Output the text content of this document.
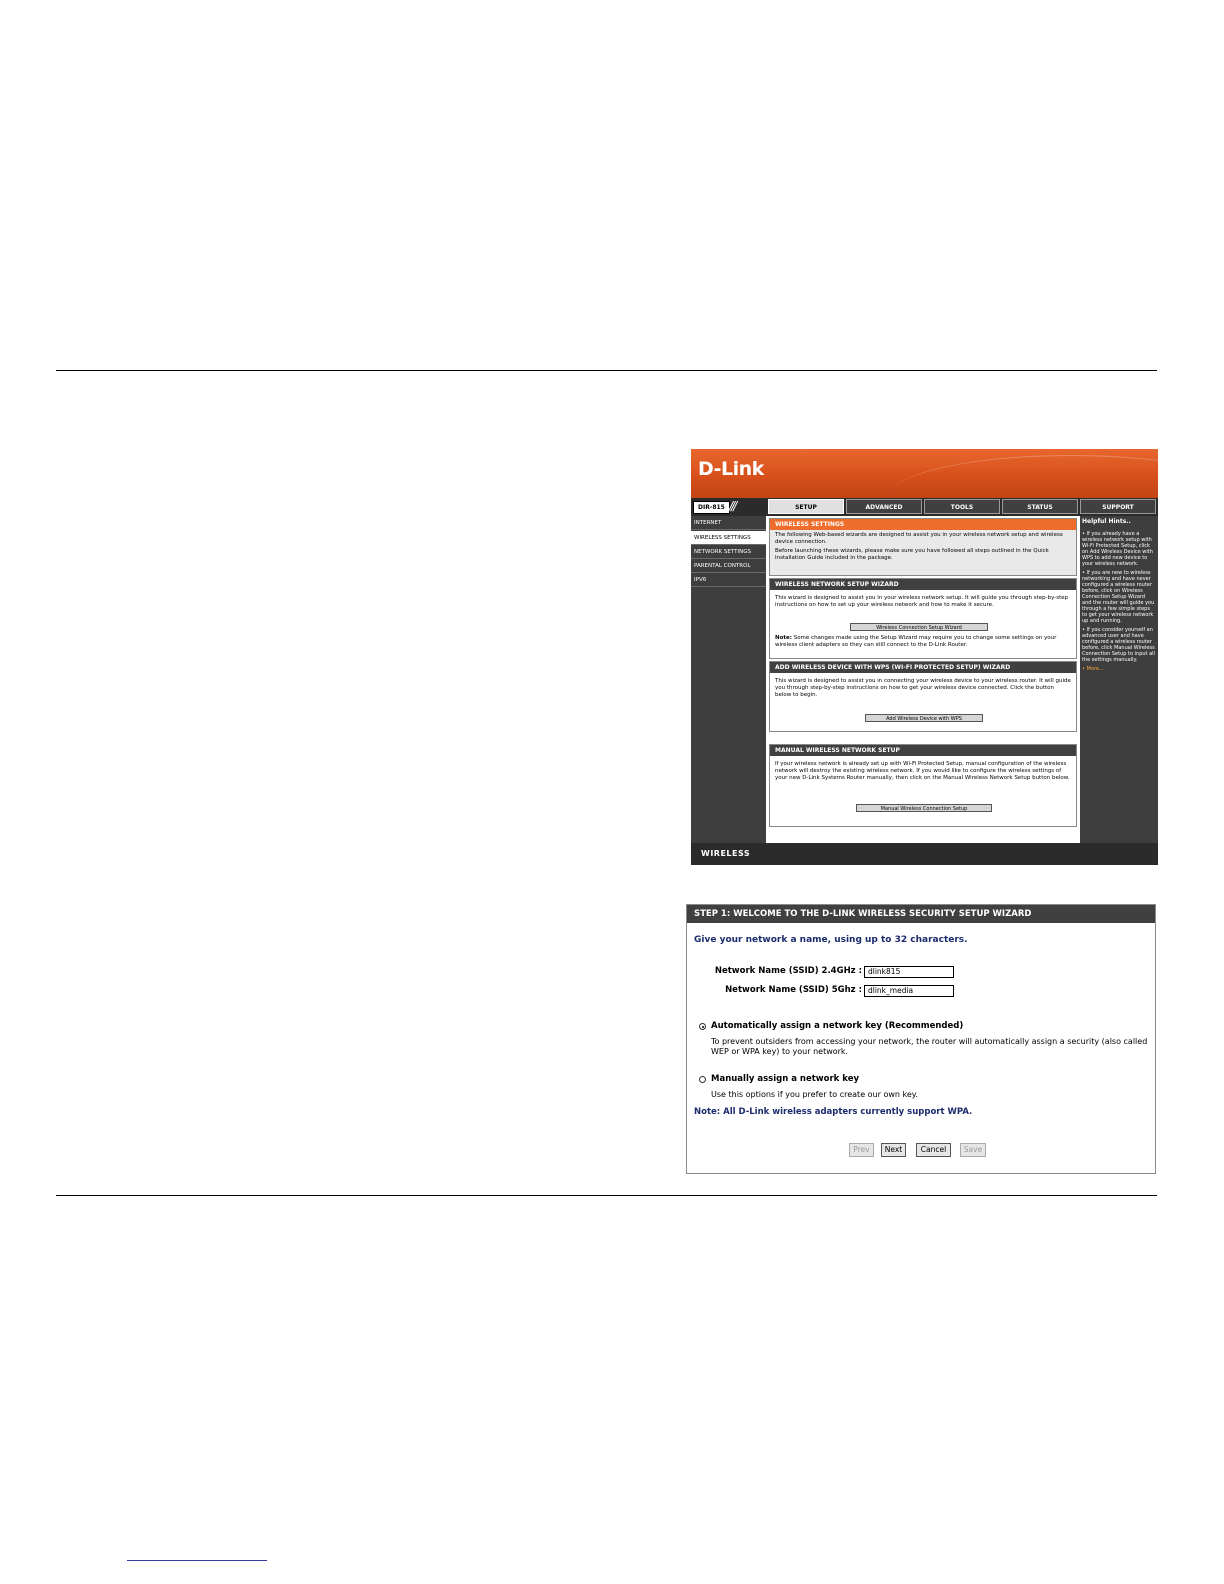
D-Link
DIR-815 ///	SETUP	ADVANCED	TOOLS	STATUS	SUPPORT
INTERNET
WIRELESS SETTINGS
NETWORK SETTINGS
PARENTAL CONTROL
IPV6
WIRELESS SETTINGS
The following Web-based wizards are designed to assist you in your wireless network setup and wireless device connection.
Before launching these wizards, please make sure you have followed all steps outlined in the Quick Installation Guide included in the package.
WIRELESS NETWORK SETUP WIZARD
This wizard is designed to assist you in your wireless network setup. It will guide you through step-by-step instructions on how to set up your wireless network and how to make it secure.
Wireless Connection Setup Wizard
Note: Some changes made using the Setup Wizard may require you to change some settings on your wireless client adapters so they can still connect to the D-Link Router.
ADD WIRELESS DEVICE WITH WPS (WI-FI PROTECTED SETUP) WIZARD
This wizard is designed to assist you in connecting your wireless device to your wireless router. It will guide you through step-by-step instructions on how to get your wireless device connected. Click the button below to begin.
Add Wireless Device with WPS
MANUAL WIRELESS NETWORK SETUP
If your wireless network is already set up with Wi-Fi Protected Setup, manual configuration of the wireless network will destroy the existing wireless network. If you would like to configure the wireless settings of your new D-Link Systems Router manually, then click on the Manual Wireless Network Setup button below.
Manual Wireless Connection Setup
Helpful Hints..
• If you already have a wireless network setup with Wi-Fi Protected Setup, click on Add Wireless Device with WPS to add new device to your wireless network.
• If you are new to wireless networking and have never configured a wireless router before, click on Wireless Connection Setup Wizard and the router will guide you through a few simple steps to get your wireless network up and running.
• If you consider yourself an advanced user and have configured a wireless router before, click Manual Wireless Connection Setup to input all the settings manually.
• More...
WIRELESS
STEP 1: WELCOME TO THE D-LINK WIRELESS SECURITY SETUP WIZARD
Give your network a name, using up to 32 characters.
Network Name (SSID) 2.4GHz : dlink815
Network Name (SSID) 5Ghz : dlink_media
Automatically assign a network key (Recommended)
To prevent outsiders from accessing your network, the router will automatically assign a security (also called WEP or WPA key) to your network.
Manually assign a network key
Use this options if you prefer to create our own key.
Note: All D-Link wireless adapters currently support WPA.
Prev	Next	Cancel	Save
